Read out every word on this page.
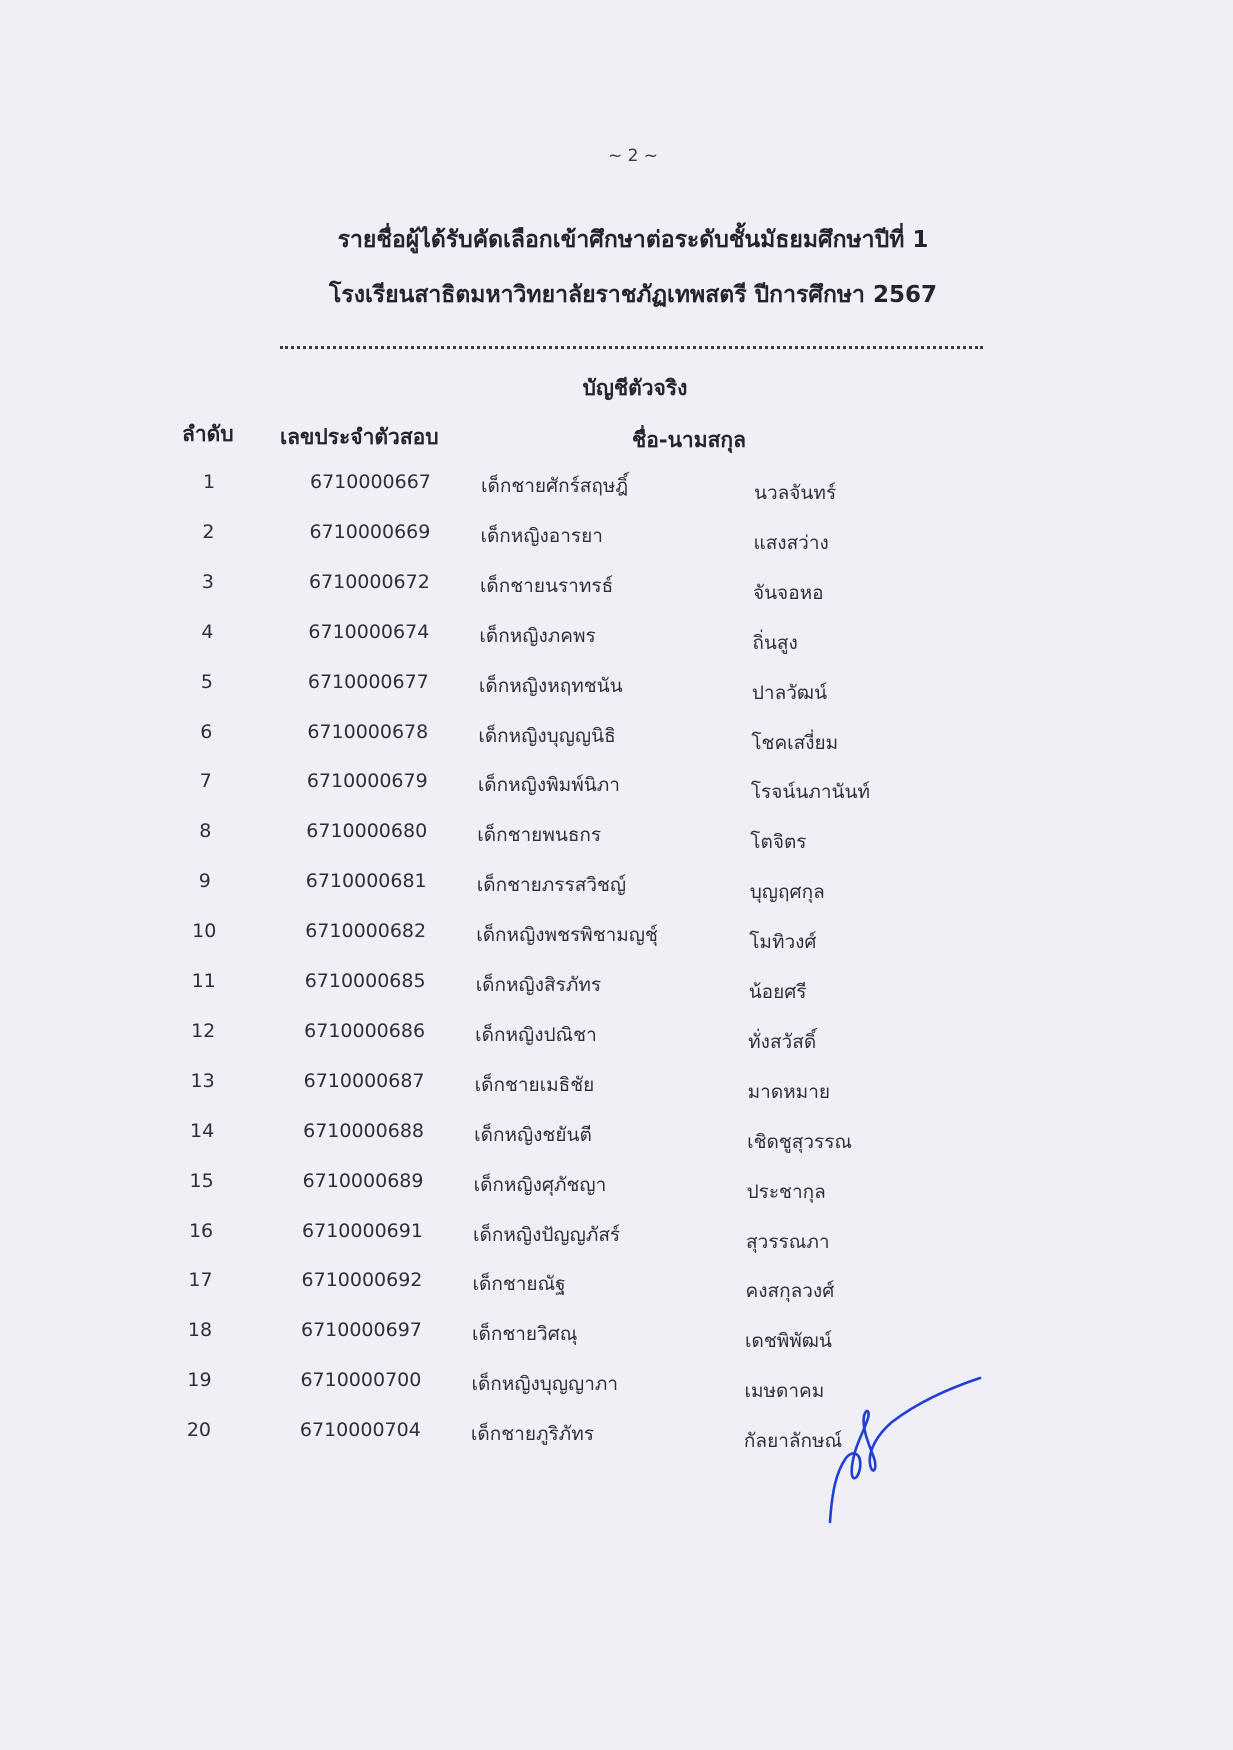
~ 2 ~
รายชื่อผู้ได้รับคัดเลือกเข้าศึกษาต่อระดับชั้นมัธยมศึกษาปีที่ 1
โรงเรียนสาธิตมหาวิทยาลัยราชภัฏเทพสตรี ปีการศึกษา 2567
บัญชีตัวจริง
ลำดับ เลขประจำตัวสอบ	ชื่อ-นามสกุล
1	6710000667	เด็กชายศักร์สฤษฎิ์	นวลจันทร์
2	6710000669	เด็กหญิงอารยา	แสงสว่าง
3	6710000672	เด็กชายนราทรธ์	จันจอหอ
4	6710000674	เด็กหญิงภคพร	ถิ่นสูง
5	6710000677	เด็กหญิงหฤทชนัน	ปาลวัฒน์
6	6710000678	เด็กหญิงบุญญนิธิ	โชคเสงี่ยม
7	6710000679	เด็กหญิงพิมพ์นิภา	โรจน์นภานันท์
8	6710000680	เด็กชายพนธกร	โตจิตร
9	6710000681	เด็กชายภรรสวิชญ์	บุญฤศกุล
10	6710000682	เด็กหญิงพชรพิชามญชุ์	โมทิวงศ์
11	6710000685	เด็กหญิงสิรภัทร	น้อยศรี
12	6710000686	เด็กหญิงปณิชา	ทั่งสวัสดิ์
13	6710000687	เด็กชายเมธิชัย	มาดหมาย
14	6710000688	เด็กหญิงชยันตี	เชิดชูสุวรรณ
15	6710000689	เด็กหญิงศุภัชญา	ประชากุล
16	6710000691	เด็กหญิงปัญญภัสร์	สุวรรณภา
17	6710000692	เด็กชายณัฐ	คงสกุลวงศ์
18	6710000697	เด็กชายวิศณุ	เดชพิพัฒน์
19	6710000700	เด็กหญิงบุญญาภา	เมษดาคม
20	6710000704	เด็กชายภูริภัทร	กัลยาลักษณ์
